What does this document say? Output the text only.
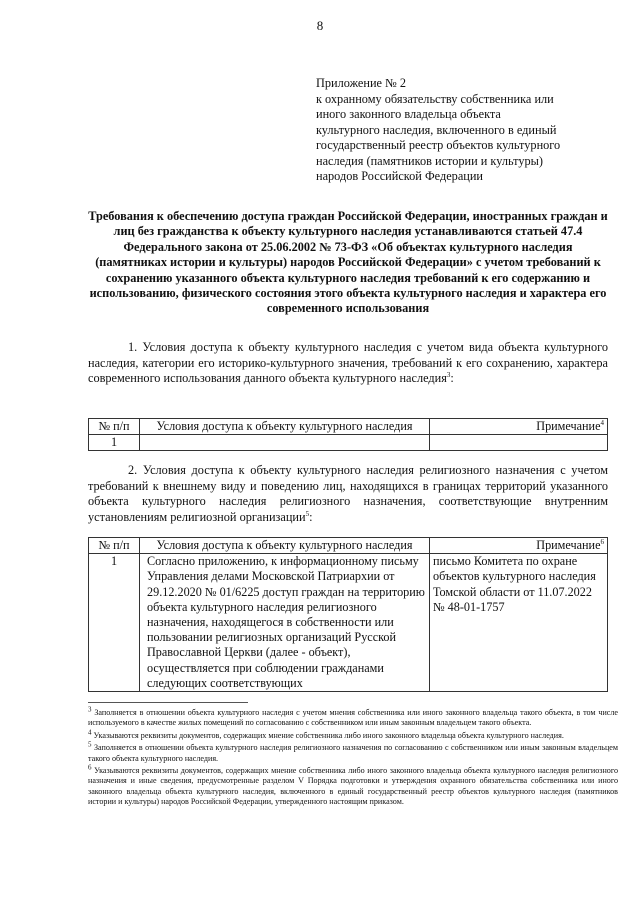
8
Приложение № 2
к охранному обязательству собственника или
иного законного владельца объекта
культурного наследия, включенного в единый
государственный реестр объектов культурного
наследия (памятников истории и культуры)
народов Российской Федерации
Требования к обеспечению доступа граждан Российской Федерации, иностранных граждан и лиц без гражданства к объекту культурного наследия устанавливаются статьей 47.4 Федерального закона от 25.06.2002 № 73-ФЗ «Об объектах культурного наследия (памятниках истории и культуры) народов Российской Федерации» с учетом требований к сохранению указанного объекта культурного наследия требований к его содержанию и использованию, физического состояния этого объекта культурного наследия и характера его современного использования
1. Условия доступа к объекту культурного наследия с учетом вида объекта культурного наследия, категории его историко-культурного значения, требований к его сохранению, характера современного использования данного объекта культурного наследия$^3$:
№ п/п	Условия доступа к объекту культурного наследия	Примечание$^4$
1		
2. Условия доступа к объекту культурного наследия религиозного назначения с учетом требований к внешнему виду и поведению лиц, находящихся в границах территорий указанного объекта культурного наследия религиозного назначения, соответствующие внутренним установлениям религиозной организации$^5$:
№ п/п	Условия доступа к объекту культурного наследия	Примечание$^6$
1	Согласно приложению, к информационному письму Управления делами Московской Патриархии от 29.12.2020 № 01/6225 доступ граждан на территорию объекта культурного наследия религиозного назначения, находящегося в собственности или пользовании религиозных организаций Русской Православной Церкви (далее - объект), осуществляется при соблюдении гражданами следующих соответствующих	письмо Комитета по охране объектов культурного наследия Томской области от 11.07.2022 № 48-01-1757
$^3$ Заполняется в отношении объекта культурного наследия с учетом мнения собственника или иного законного владельца такого объекта, в том числе используемого в качестве жилых помещений по согласованию с собственником или иным законным владельцем такого объекта.
$^4$ Указываются реквизиты документов, содержащих мнение собственника либо иного законного владельца объекта культурного наследия.
$^5$ Заполняется в отношении объекта культурного наследия религиозного назначения по согласованию с собственником или иным законным владельцем такого объекта культурного наследия.
$^6$ Указываются реквизиты документов, содержащих мнение собственника либо иного законного владельца объекта культурного наследия религиозного назначения и иные сведения, предусмотренные разделом V Порядка подготовки и утверждения охранного обязательства собственника или иного законного владельца объекта культурного наследия, включенного в единый государственный реестр объектов культурного наследия (памятников истории и культуры) народов Российской Федерации, утвержденного настоящим приказом.
